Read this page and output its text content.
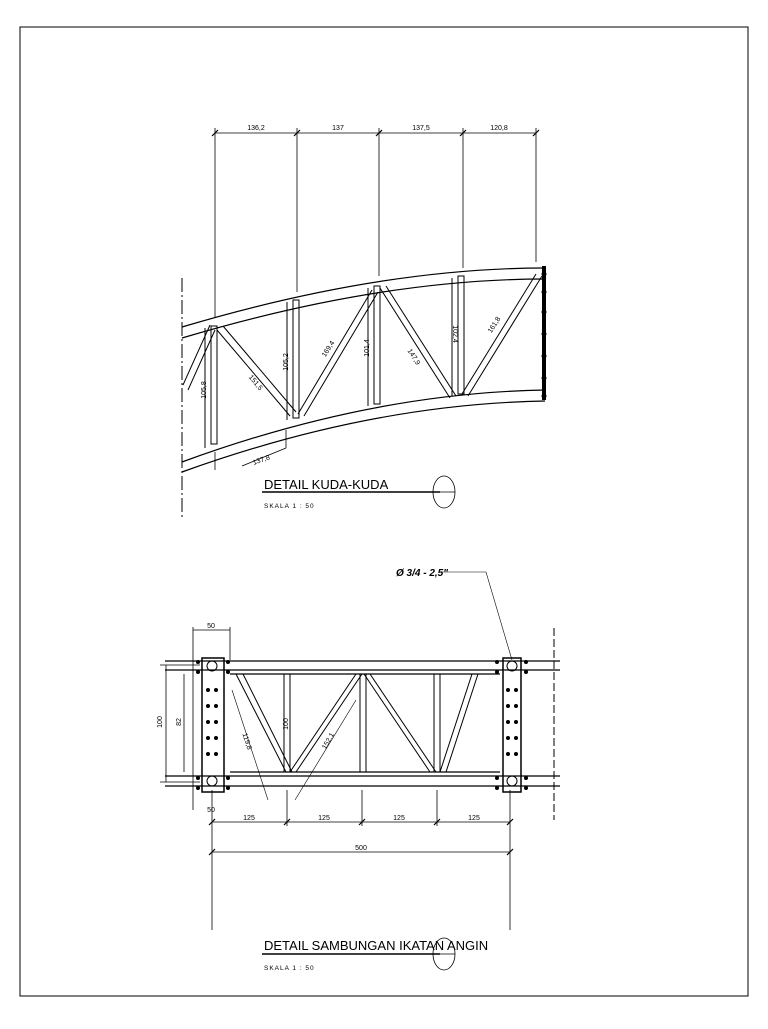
136,2	137	137,5	120,8
105,8
105,2
101,4
102,4
151,5
169,4	147,9
161,8
137,8
DETAIL KUDA-KUDA
SKALA 1 : 50
Ø 3/4 - 2,5"
50
100 82
50
100
119,8	152,1
125	125	125	125
500
DETAIL SAMBUNGAN IKATAN ANGIN
SKALA 1 : 50
